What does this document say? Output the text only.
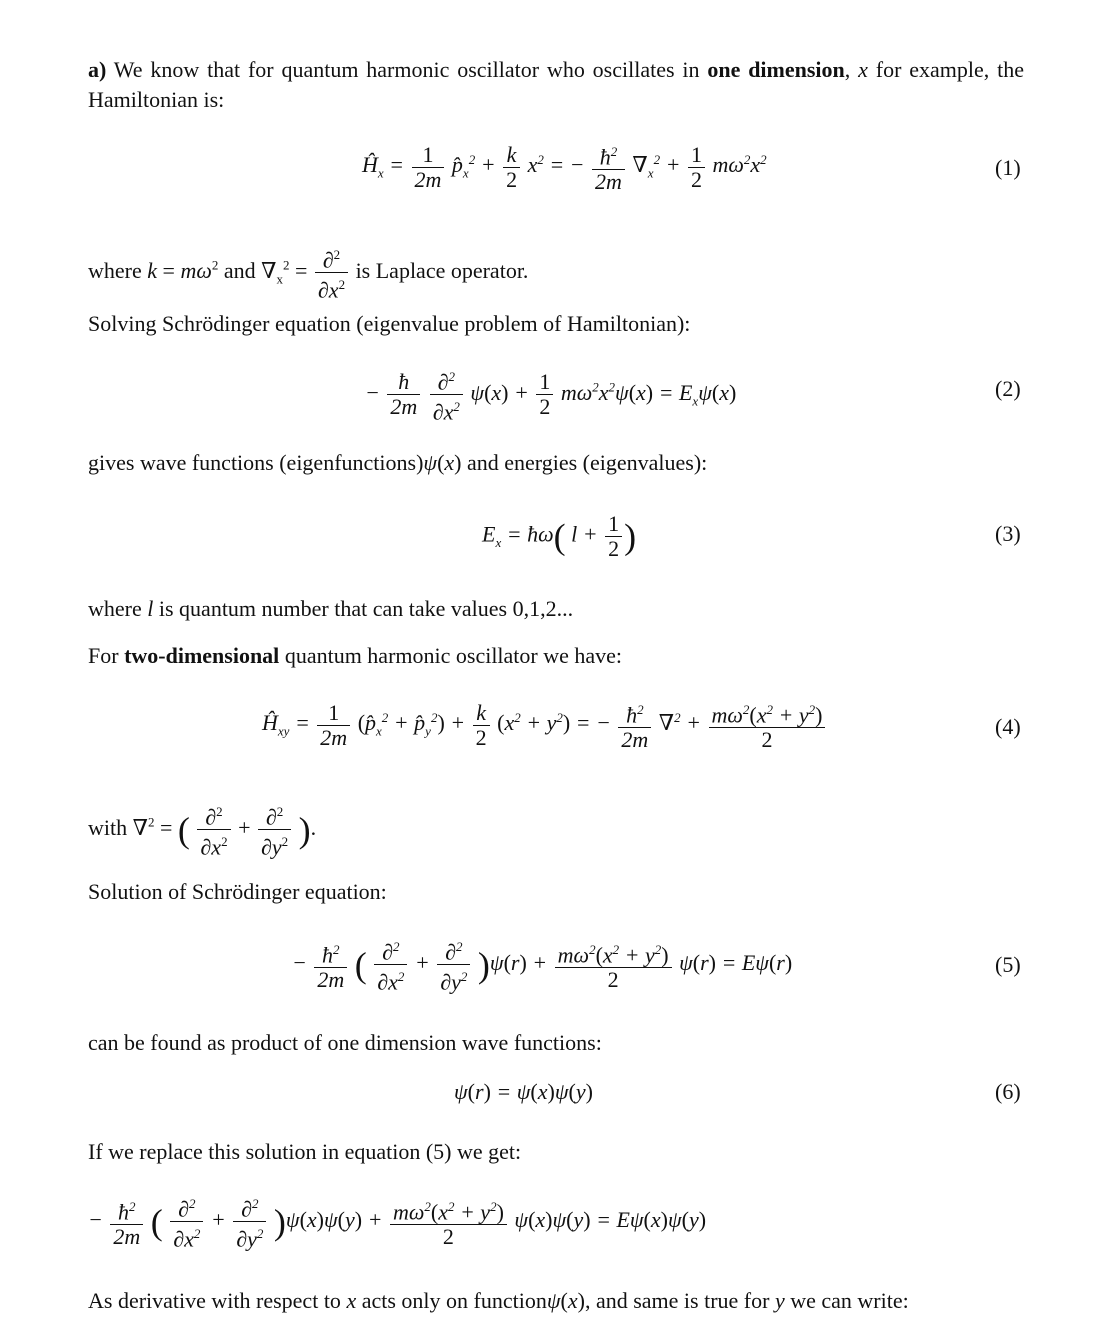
a) We know that for quantum harmonic oscillator who oscillates in one dimension, x for example, the Hamiltonian is:
$Ĥ_x = \frac{1}{2m}$ $p̂_x^2 + \frac{k}{2} x^2$ = − $\frac{ħ^2}{2m} \nabla_x^2 + \frac{1}{2} m\omega^2x^2$	(1)
where $k = m\omega^2$ and $\nabla_x^2 = \frac{\partial^2}{\partial x^2}$ is Laplace operator.
Solving Schrödinger equation (eigenvalue problem of Hamiltonian):
− $\frac{ħ}{2m}$
$\frac{\partial^2}{\partial x^2} \psi(x) + \frac{1}{2} m\omega^2x^2\psi(x) = E_x\psi(x)$	(2)
gives wave functions (eigenfunctions)ψ(x) and energies (eigenvalues):
$E_x$ = ħω( $l + \frac{1}{2}$ )	(3)
where l is quantum number that can take values 0,1,2...
For two-dimensional quantum harmonic oscillator we have:
$Ĥ_{xy} = \frac{1}{2m}$ ($p̂_x^2$ + $p̂_y^2) + \frac{k}{2} (x^2 + y^2)$ = − $\frac{ħ^2}{2m} \nabla^2 + \frac{m\omega^2(x^2 + y^2)}{2}$	(4)
with ∇$^2$ = ( $\frac{\partial^2}{\partial x^2} + \frac{\partial^2}{\partial y^2}$ ).
Solution of Schrödinger equation:
− $\frac{ħ^2}{2m}$ ( $\frac{\partial^2}{\partial x^2} + \frac{\partial^2}{\partial y^2} )\psi(r) + \frac{m\omega^2(x^2 + y^2)}{2} \psi(r) = E\psi(r)$	(5)
can be found as product of one dimension wave functions:
ψ(r) = ψ(x)ψ(y)	(6)
If we replace this solution in equation (5) we get:
− $\frac{ħ^2}{2m}$ ( $\frac{\partial^2}{\partial x^2} + \frac{\partial^2}{\partial y^2} )\psi(x)\psi(y) + \frac{m\omega^2(x^2 + y^2)}{2} \psi(x)\psi(y) = E\psi(x)\psi(y)$
As derivative with respect to x acts only on functionψ(x), and same is true for y we can write:
